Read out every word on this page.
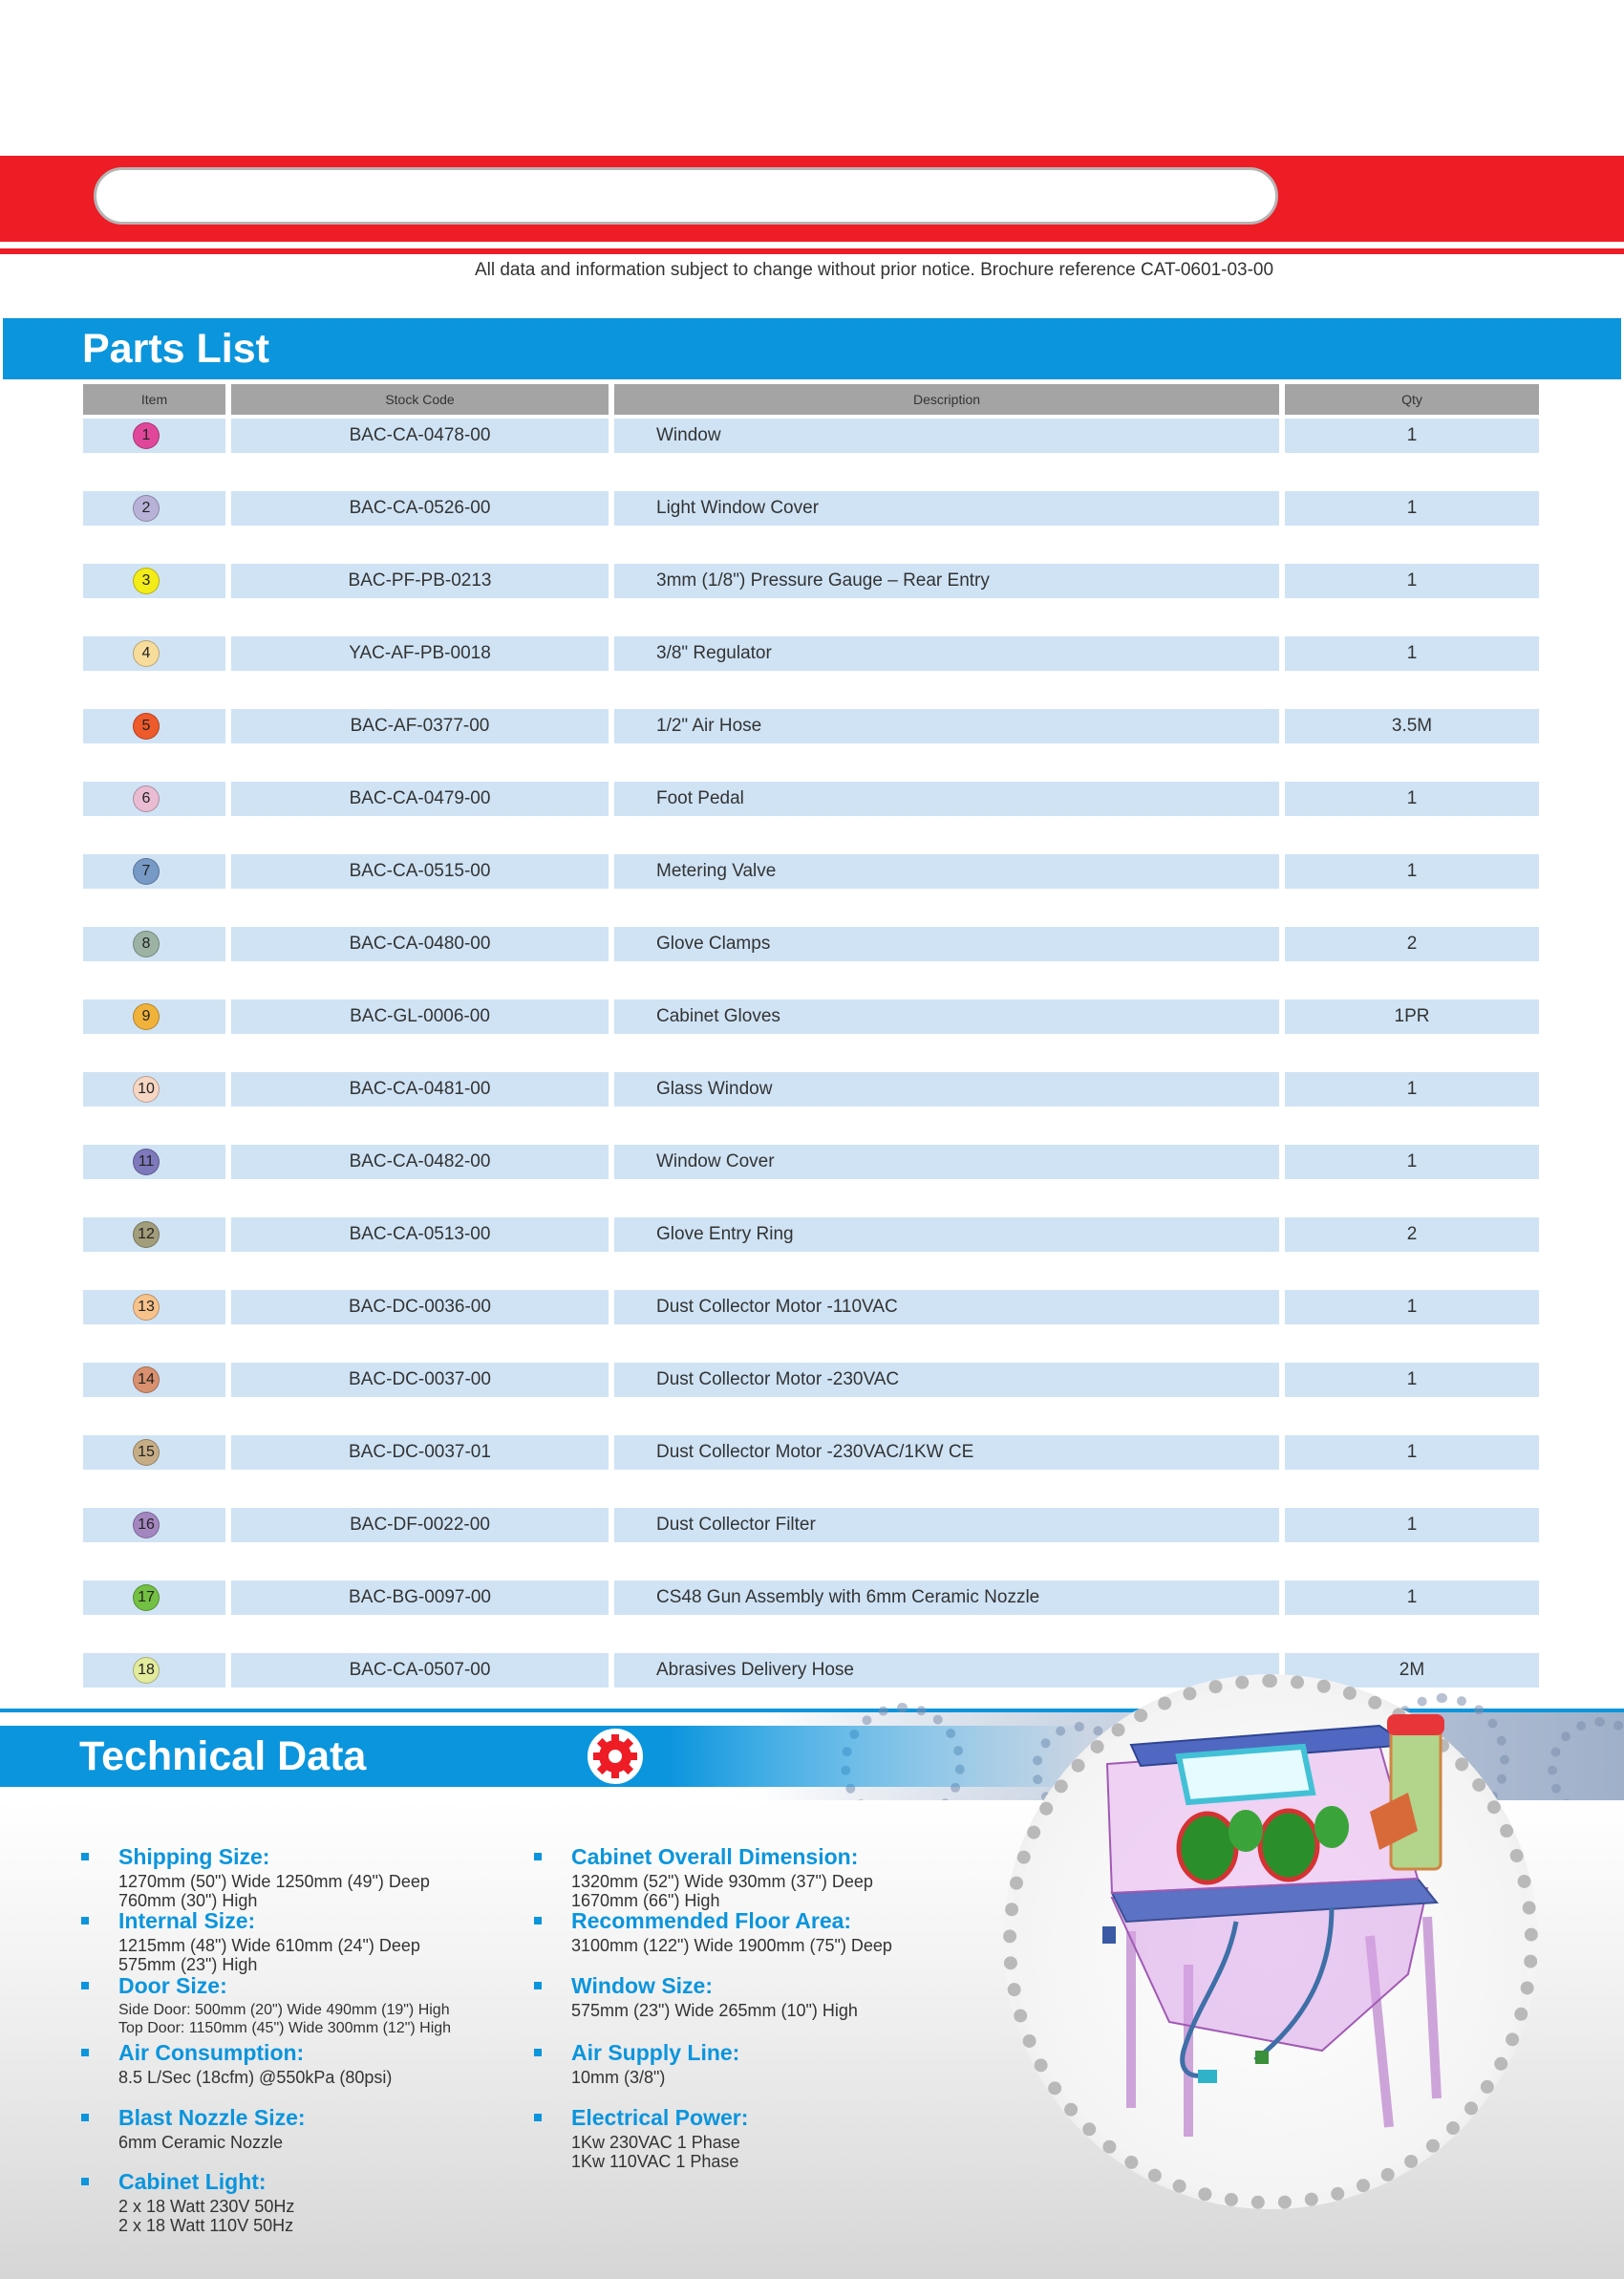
All data and information subject to change without prior notice. Brochure reference CAT-0601-03-00
Parts List
Item	Stock Code	Description	Qty
1	BAC-CA-0478-00	Window	1
2	BAC-CA-0526-00	Light Window Cover	1
3	BAC-PF-PB-0213	3mm (1/8") Pressure Gauge – Rear Entry	1
4	YAC-AF-PB-0018	3/8" Regulator	1
5	BAC-AF-0377-00	1/2" Air Hose	3.5M
6	BAC-CA-0479-00	Foot Pedal	1
7	BAC-CA-0515-00	Metering Valve	1
8	BAC-CA-0480-00	Glove Clamps	2
9	BAC-GL-0006-00	Cabinet Gloves	1PR
10	BAC-CA-0481-00	Glass Window	1
11	BAC-CA-0482-00	Window Cover	1
12	BAC-CA-0513-00	Glove Entry Ring	2
13	BAC-DC-0036-00	Dust Collector Motor -110VAC	1
14	BAC-DC-0037-00	Dust Collector Motor -230VAC	1
15	BAC-DC-0037-01	Dust Collector Motor -230VAC/1KW CE	1
16	BAC-DF-0022-00	Dust Collector Filter	1
17	BAC-BG-0097-00	CS48 Gun Assembly with 6mm Ceramic Nozzle	1
18	BAC-CA-0507-00	Abrasives Delivery Hose	2M
Technical Data
Shipping Size:
1270mm (50") Wide 1250mm (49") Deep
760mm (30") High
Internal Size:
1215mm (48") Wide 610mm (24") Deep
575mm (23") High
Door Size:
Side Door: 500mm (20") Wide 490mm (19") High
Top Door: 1150mm (45") Wide 300mm (12") High
Air Consumption:
8.5 L/Sec (18cfm) @550kPa (80psi)
Blast Nozzle Size:
6mm Ceramic Nozzle
Cabinet Light:
2 x 18 Watt 230V 50Hz
2 x 18 Watt 110V 50Hz
Cabinet Overall Dimension:
1320mm (52") Wide 930mm (37") Deep
1670mm (66") High
Recommended Floor Area:
3100mm (122") Wide 1900mm (75") Deep
Window Size:
575mm (23") Wide 265mm (10") High
Air Supply Line:
10mm (3/8")
Electrical Power:
1Kw 230VAC 1 Phase
1Kw 110VAC 1 Phase
